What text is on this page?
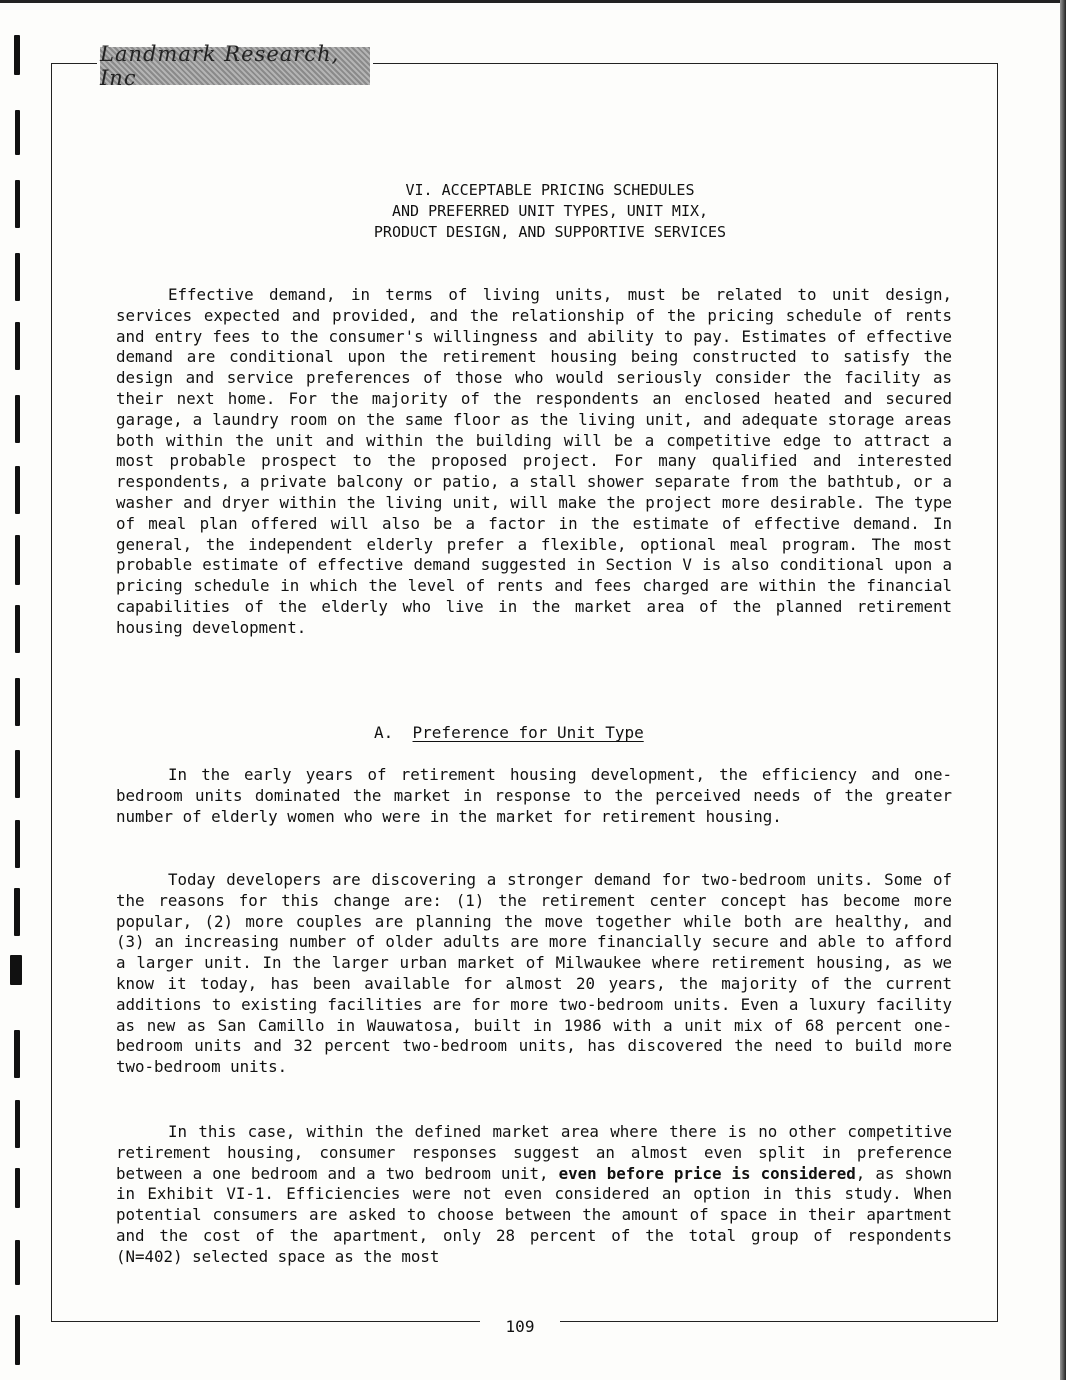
Landmark Research, Inc
VI. ACCEPTABLE PRICING SCHEDULES
AND PREFERRED UNIT TYPES, UNIT MIX,
PRODUCT DESIGN, AND SUPPORTIVE SERVICES

Effective demand, in terms of living units, must be related to unit design, services expected and provided, and the relationship of the pricing schedule of rents and entry fees to the consumer's willingness and ability to pay. Estimates of effective demand are conditional upon the retirement housing being constructed to satisfy the design and service preferences of those who would seriously consider the facility as their next home. For the majority of the respondents an enclosed heated and secured garage, a laundry room on the same floor as the living unit, and adequate storage areas both within the unit and within the building will be a competitive edge to attract a most probable prospect to the proposed project. For many qualified and interested respondents, a private balcony or patio, a stall shower separate from the bathtub, or a washer and dryer within the living unit, will make the project more desirable. The type of meal plan offered will also be a factor in the estimate of effective demand. In general, the independent elderly prefer a flexible, optional meal program. The most probable estimate of effective demand suggested in Section V is also conditional upon a pricing schedule in which the level of rents and fees charged are within the financial capabilities of the elderly who live in the market area of the planned retirement housing development.

A. Preference for Unit Type

In the early years of retirement housing development, the efficiency and one-bedroom units dominated the market in response to the perceived needs of the greater number of elderly women who were in the market for retirement housing.

Today developers are discovering a stronger demand for two-bedroom units. Some of the reasons for this change are: (1) the retirement center concept has become more popular, (2) more couples are planning the move together while both are healthy, and (3) an increasing number of older adults are more financially secure and able to afford a larger unit. In the larger urban market of Milwaukee where retirement housing, as we know it today, has been available for almost 20 years, the majority of the current additions to existing facilities are for more two-bedroom units. Even a luxury facility as new as San Camillo in Wauwatosa, built in 1986 with a unit mix of 68 percent one-bedroom units and 32 percent two-bedroom units, has discovered the need to build more two-bedroom units.

In this case, within the defined market area where there is no other competitive retirement housing, consumer responses suggest an almost even split in preference between a one bedroom and a two bedroom unit, even before price is considered, as shown in Exhibit VI-1. Efficiencies were not even considered an option in this study. When potential consumers are asked to choose between the amount of space in their apartment and the cost of the apartment, only 28 percent of the total group of respondents (N=402) selected space as the most

109
